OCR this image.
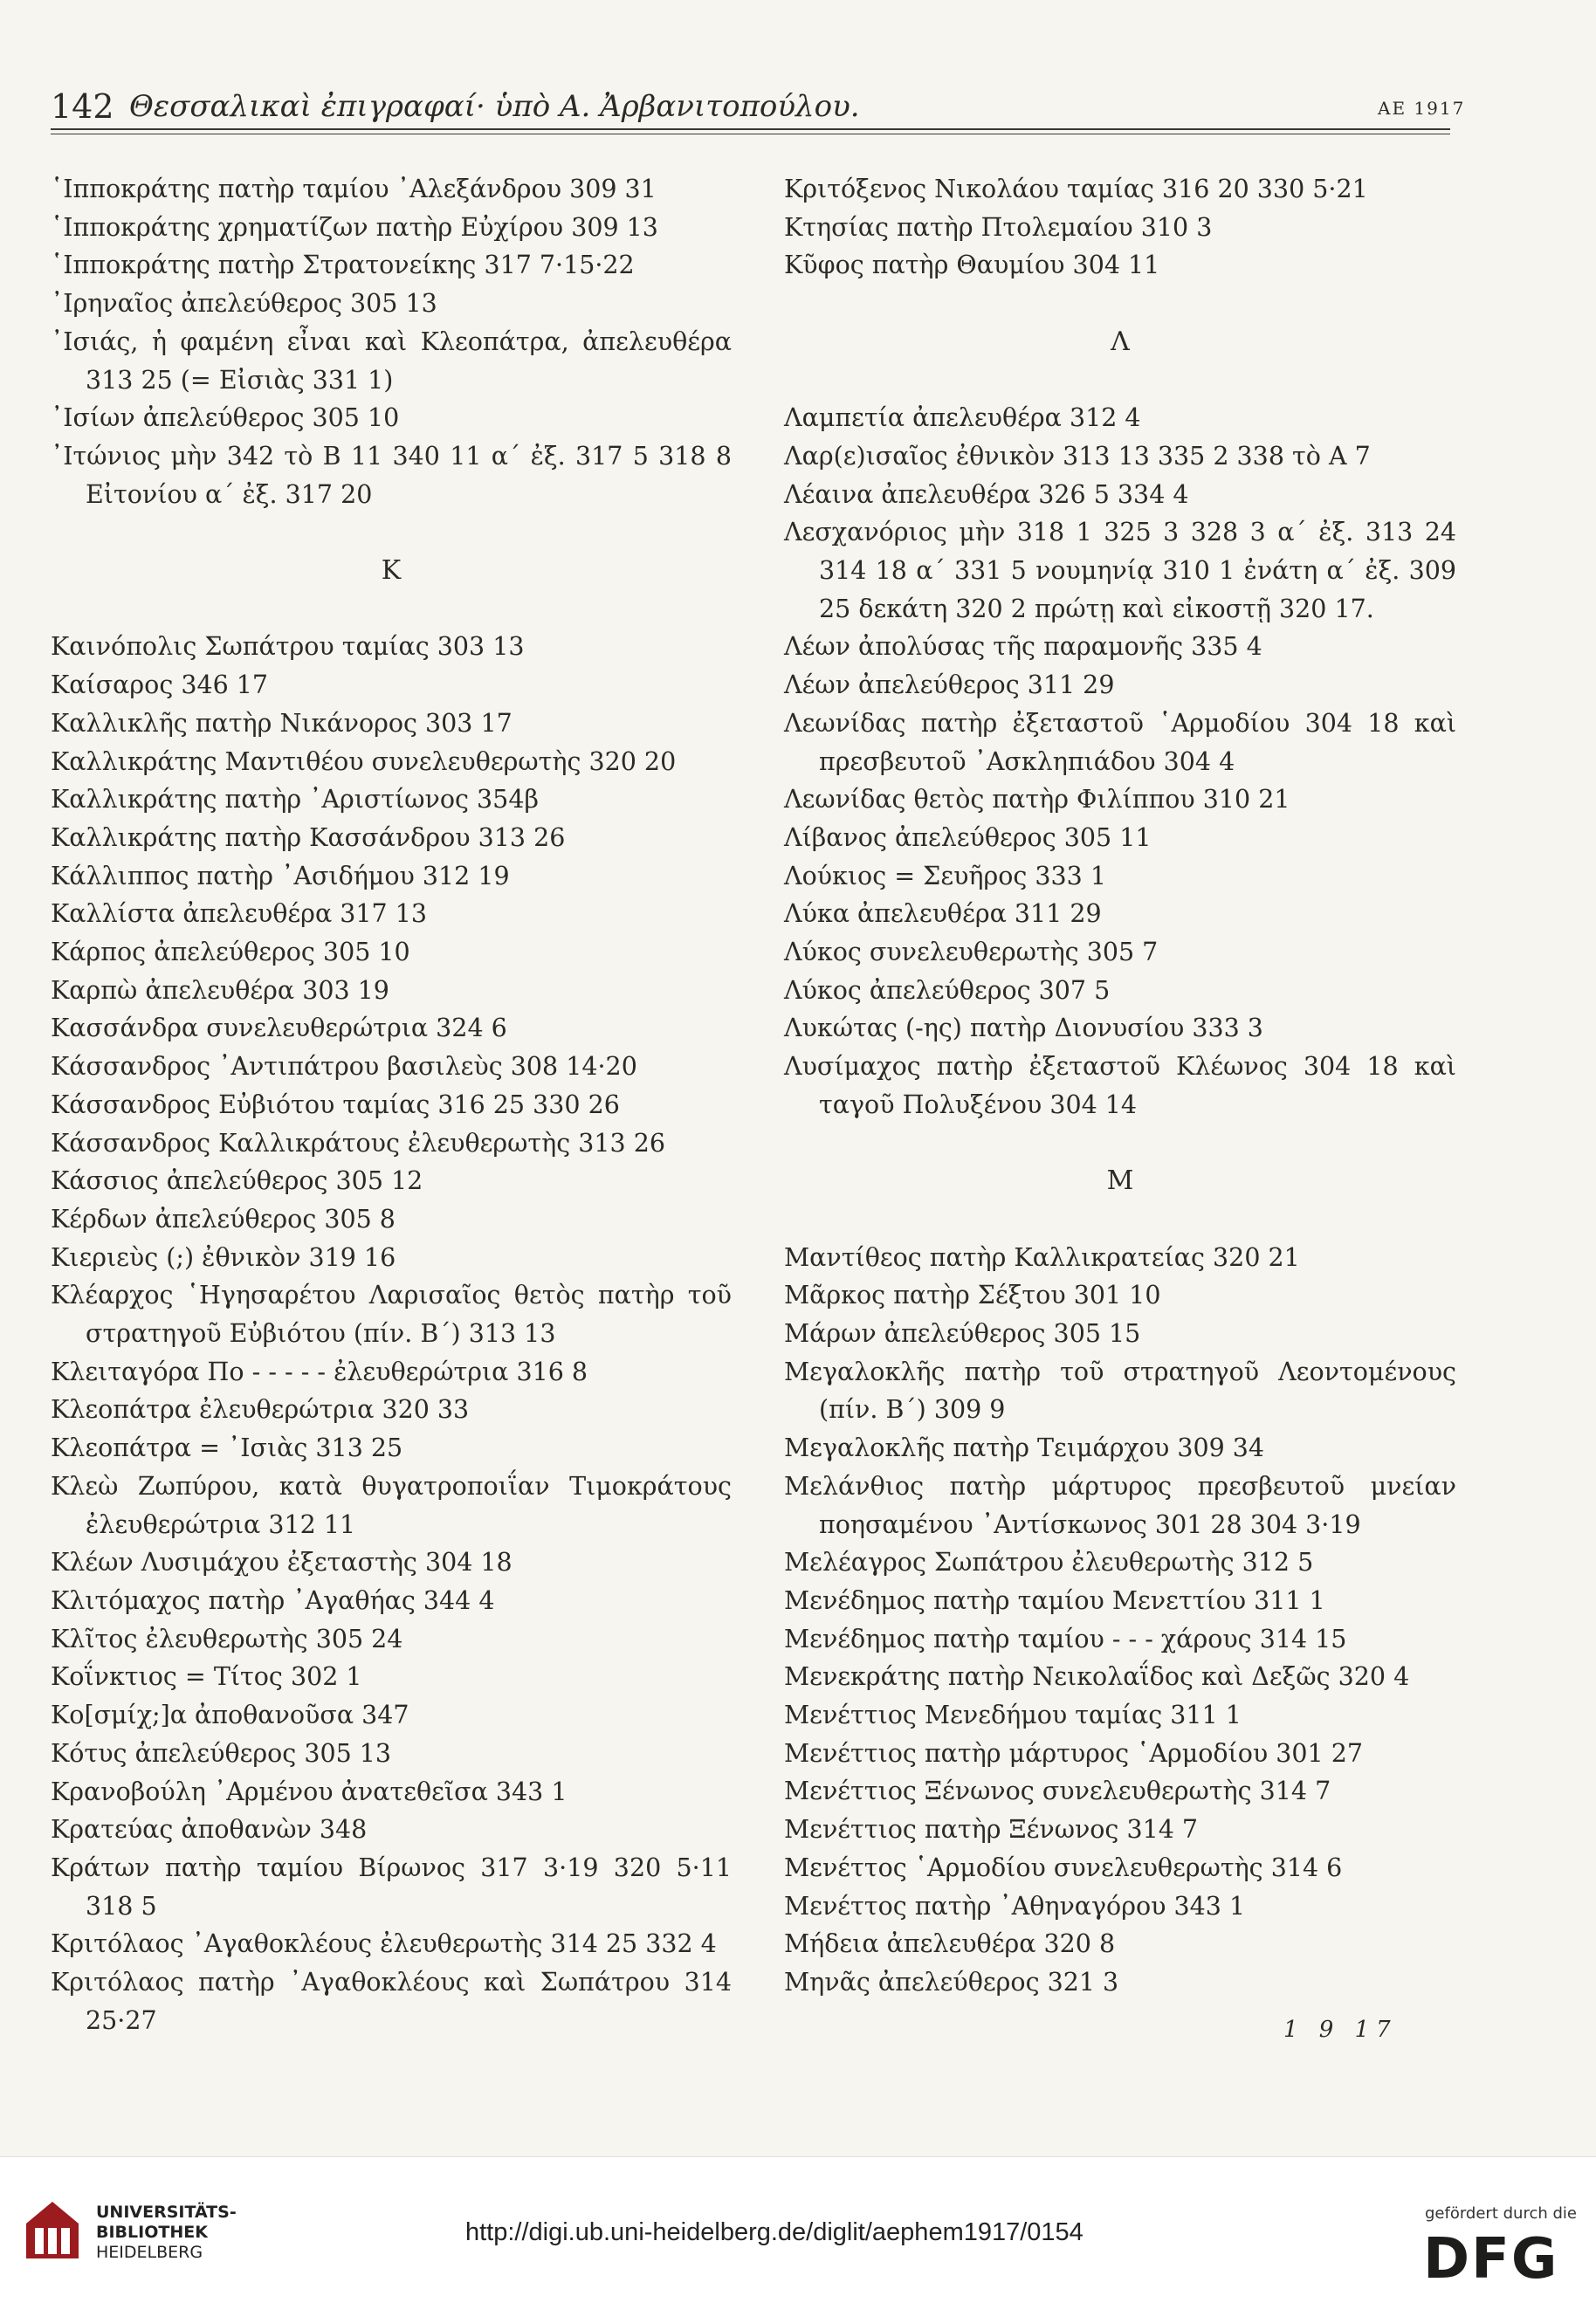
142 Θεσσαλικαὶ ἐπιγραφαί· ὑπὸ Α. Ἀρβανιτοπούλου.	ΑΕ 1917
῾Ιπποκράτης πατὴρ ταμίου ᾿Αλεξάνδρου 309 31
῾Ιπποκράτης χρηματίζων πατὴρ Εὐχίρου 309 13
῾Ιπποκράτης πατὴρ Στρατονείκης 317 7·15·22
᾿Ιρηναῖος ἀπελεύθερος 305 13
᾿Ισιάς, ἡ φαμένη εἶναι καὶ Κλεοπάτρα, ἀπελευθέρα 313 25 (= Εἰσιὰς 331 1)
᾿Ισίων ἀπελεύθερος 305 10
᾿Ιτώνιος μὴν 342 τὸ Β 11 340 11 α΄ ἐξ. 317 5 318 8 Εἰτονίου α΄ ἐξ. 317 20
Κ
Καινόπολις Σωπάτρου ταμίας 303 13
Καίσαρος 346 17
Καλλικλῆς πατὴρ Νικάνορος 303 17
Καλλικράτης Μαντιθέου συνελευθερωτὴς 320 20
Καλλικράτης πατὴρ ᾿Αριστίωνος 354β
Καλλικράτης πατὴρ Κασσάνδρου 313 26
Κάλλιππος πατὴρ ᾿Ασιδήμου 312 19
Καλλίστα ἀπελευθέρα 317 13
Κάρπος ἀπελεύθερος 305 10
Καρπὼ ἀπελευθέρα 303 19
Κασσάνδρα συνελευθερώτρια 324 6
Κάσσανδρος ᾿Αντιπάτρου βασιλεὺς 308 14·20
Κάσσανδρος Εὐβιότου ταμίας 316 25 330 26
Κάσσανδρος Καλλικράτους ἐλευθερωτὴς 313 26
Κάσσιος ἀπελεύθερος 305 12
Κέρδων ἀπελεύθερος 305 8
Κιεριεὺς (;) ἐθνικὸν 319 16
Κλέαρχος ῾Ηγησαρέτου Λαρισαῖος θετὸς πατὴρ τοῦ στρατηγοῦ Εὐβιότου (πίν. Β΄) 313 13
Κλειταγόρα Πο - - - - - ἐλευθερώτρια 316 8
Κλεοπάτρα ἐλευθερώτρια 320 33
Κλεοπάτρα = ᾿Ισιὰς 313 25
Κλεὼ Ζωπύρου, κατὰ θυγατροποιΐαν Τιμοκράτους ἐλευθερώτρια 312 11
Κλέων Λυσιμάχου ἐξεταστὴς 304 18
Κλιτόμαχος πατὴρ ᾿Αγαθήας 344 4
Κλῖτος ἐλευθερωτὴς 305 24
Κοΐνκτιος = Τίτος 302 1
Κο[σμίχ;]α ἀποθανοῦσα 347
Κότυς ἀπελεύθερος 305 13
Κρανοβούλη ᾿Αρμένου ἀνατεθεῖσα 343 1
Κρατεύας ἀποθανὼν 348
Κράτων πατὴρ ταμίου Βίρωνος 317 3·19 320 5·11 318 5
Κριτόλαος ᾿Αγαθοκλέους ἐλευθερωτὴς 314 25 332 4
Κριτόλαος πατὴρ ᾿Αγαθοκλέους καὶ Σωπάτρου 314 25·27
Κριτόξενος Νικολάου ταμίας 316 20 330 5·21
Κτησίας πατὴρ Πτολεμαίου 310 3
Κῦφος πατὴρ Θαυμίου 304 11
Λ
Λαμπετία ἀπελευθέρα 312 4
Λαρ(ε)ισαῖος ἐθνικὸν 313 13 335 2 338 τὸ Α 7
Λέαινα ἀπελευθέρα 326 5 334 4
Λεσχανόριος μὴν 318 1 325 3 328 3 α΄ ἐξ. 313 24 314 18 α΄ 331 5 νουμηνίᾳ 310 1 ἐνάτη α΄ ἐξ. 309 25 δεκάτη 320 2 πρώτῃ καὶ εἰκοστῇ 320 17.
Λέων ἀπολύσας τῆς παραμονῆς 335 4
Λέων ἀπελεύθερος 311 29
Λεωνίδας πατὴρ ἐξεταστοῦ ῾Αρμοδίου 304 18 καὶ πρεσβευτοῦ ᾿Ασκληπιάδου 304 4
Λεωνίδας θετὸς πατὴρ Φιλίππου 310 21
Λίβανος ἀπελεύθερος 305 11
Λούκιος = Σευῆρος 333 1
Λύκα ἀπελευθέρα 311 29
Λύκος συνελευθερωτὴς 305 7
Λύκος ἀπελεύθερος 307 5
Λυκώτας (-ης) πατὴρ Διονυσίου 333 3
Λυσίμαχος πατὴρ ἐξεταστοῦ Κλέωνος 304 18 καὶ ταγοῦ Πολυξένου 304 14
Μ
Μαντίθεος πατὴρ Καλλικρατείας 320 21
Μᾶρκος πατὴρ Σέξτου 301 10
Μάρων ἀπελεύθερος 305 15
Μεγαλοκλῆς πατὴρ τοῦ στρατηγοῦ Λεοντομένους (πίν. Β΄) 309 9
Μεγαλοκλῆς πατὴρ Τειμάρχου 309 34
Μελάνθιος πατὴρ μάρτυρος πρεσβευτοῦ μνείαν ποησαμένου ᾿Αντίσκωνος 301 28 304 3·19
Μελέαγρος Σωπάτρου ἐλευθερωτὴς 312 5
Μενέδημος πατὴρ ταμίου Μενεττίου 311 1
Μενέδημος πατὴρ ταμίου - - - χάρους 314 15
Μενεκράτης πατὴρ Νεικολαΐδος καὶ Δεξῶς 320 4
Μενέττιος Μενεδήμου ταμίας 311 1
Μενέττιος πατὴρ μάρτυρος ῾Αρμοδίου 301 27
Μενέττιος Ξένωνος συνελευθερωτὴς 314 7
Μενέττιος πατὴρ Ξένωνος 314 7
Μενέττος ῾Αρμοδίου συνελευθερωτὴς 314 6
Μενέττος πατὴρ ᾿Αθηναγόρου 343 1
Μήδεια ἀπελευθέρα 320 8
Μηνᾶς ἀπελεύθερος 321 3
1 9 17
UNIVERSITÄTS-
BIBLIOTHEK
HEIDELBERG
http://digi.ub.uni-heidelberg.de/diglit/aephem1917/0154
gefördert durch die
DFG
